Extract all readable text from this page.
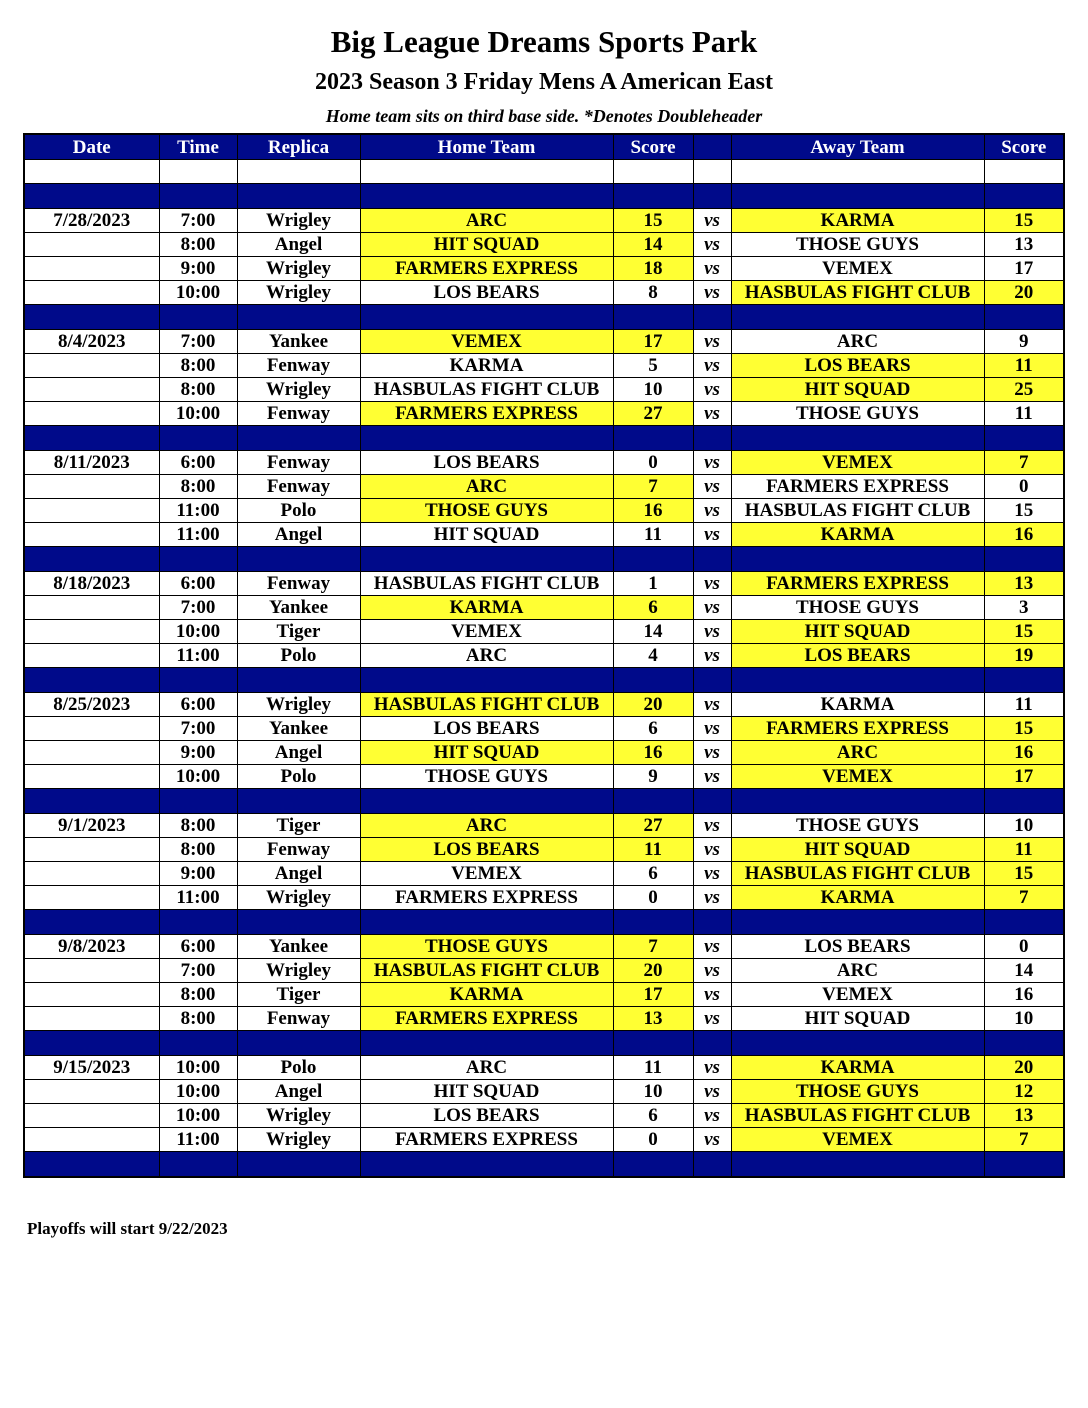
Big League Dreams Sports Park
2023 Season 3 Friday Mens A American East
Home team sits on third base side. *Denotes Doubleheader
Date	Time	Replica	Home Team	Score		Away Team	Score

7/28/2023	7:00	Wrigley	ARC	15	vs	KARMA	15
	8:00	Angel	HIT SQUAD	14	vs	THOSE GUYS	13
	9:00	Wrigley	FARMERS EXPRESS	18	vs	VEMEX	17
	10:00	Wrigley	LOS BEARS	8	vs	HASBULAS FIGHT CLUB	20

8/4/2023	7:00	Yankee	VEMEX	17	vs	ARC	9
	8:00	Fenway	KARMA	5	vs	LOS BEARS	11
	8:00	Wrigley	HASBULAS FIGHT CLUB	10	vs	HIT SQUAD	25
	10:00	Fenway	FARMERS EXPRESS	27	vs	THOSE GUYS	11

8/11/2023	6:00	Fenway	LOS BEARS	0	vs	VEMEX	7
	8:00	Fenway	ARC	7	vs	FARMERS EXPRESS	0
	11:00	Polo	THOSE GUYS	16	vs	HASBULAS FIGHT CLUB	15
	11:00	Angel	HIT SQUAD	11	vs	KARMA	16

8/18/2023	6:00	Fenway	HASBULAS FIGHT CLUB	1	vs	FARMERS EXPRESS	13
	7:00	Yankee	KARMA	6	vs	THOSE GUYS	3
	10:00	Tiger	VEMEX	14	vs	HIT SQUAD	15
	11:00	Polo	ARC	4	vs	LOS BEARS	19

8/25/2023	6:00	Wrigley	HASBULAS FIGHT CLUB	20	vs	KARMA	11
	7:00	Yankee	LOS BEARS	6	vs	FARMERS EXPRESS	15
	9:00	Angel	HIT SQUAD	16	vs	ARC	16
	10:00	Polo	THOSE GUYS	9	vs	VEMEX	17

9/1/2023	8:00	Tiger	ARC	27	vs	THOSE GUYS	10
	8:00	Fenway	LOS BEARS	11	vs	HIT SQUAD	11
	9:00	Angel	VEMEX	6	vs	HASBULAS FIGHT CLUB	15
	11:00	Wrigley	FARMERS EXPRESS	0	vs	KARMA	7

9/8/2023	6:00	Yankee	THOSE GUYS	7	vs	LOS BEARS	0
	7:00	Wrigley	HASBULAS FIGHT CLUB	20	vs	ARC	14
	8:00	Tiger	KARMA	17	vs	VEMEX	16
	8:00	Fenway	FARMERS EXPRESS	13	vs	HIT SQUAD	10

9/15/2023	10:00	Polo	ARC	11	vs	KARMA	20
	10:00	Angel	HIT SQUAD	10	vs	THOSE GUYS	12
	10:00	Wrigley	LOS BEARS	6	vs	HASBULAS FIGHT CLUB	13
	11:00	Wrigley	FARMERS EXPRESS	0	vs	VEMEX	7

Playoffs will start 9/22/2023
